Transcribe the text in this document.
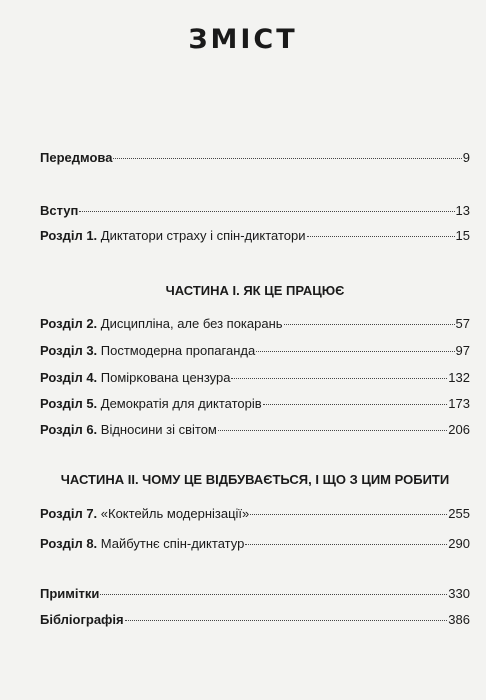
ЗМІСТ
Передмова	9
Вступ	13
Розділ 1. Диктатори страху і спін-диктатори	15
ЧАСТИНА І. ЯК ЦЕ ПРАЦЮЄ
Розділ 2. Дисципліна, але без покарань	57
Розділ 3. Постмодерна пропаганда	97
Розділ 4. Помірκована цензура	132
Розділ 5. Демократія для диктаторів	173
Розділ 6. Відносини зі світом	206
ЧАСТИНА ІІ. ЧОМУ ЦЕ ВІДБУВАЄТЬСЯ, І ЩО З ЦИМ РОБИТИ
Розділ 7. «Коктейль модернізації»	255
Розділ 8. Майбутнє спін-диктатур	290
Примітки	330
Бібліографія	386
